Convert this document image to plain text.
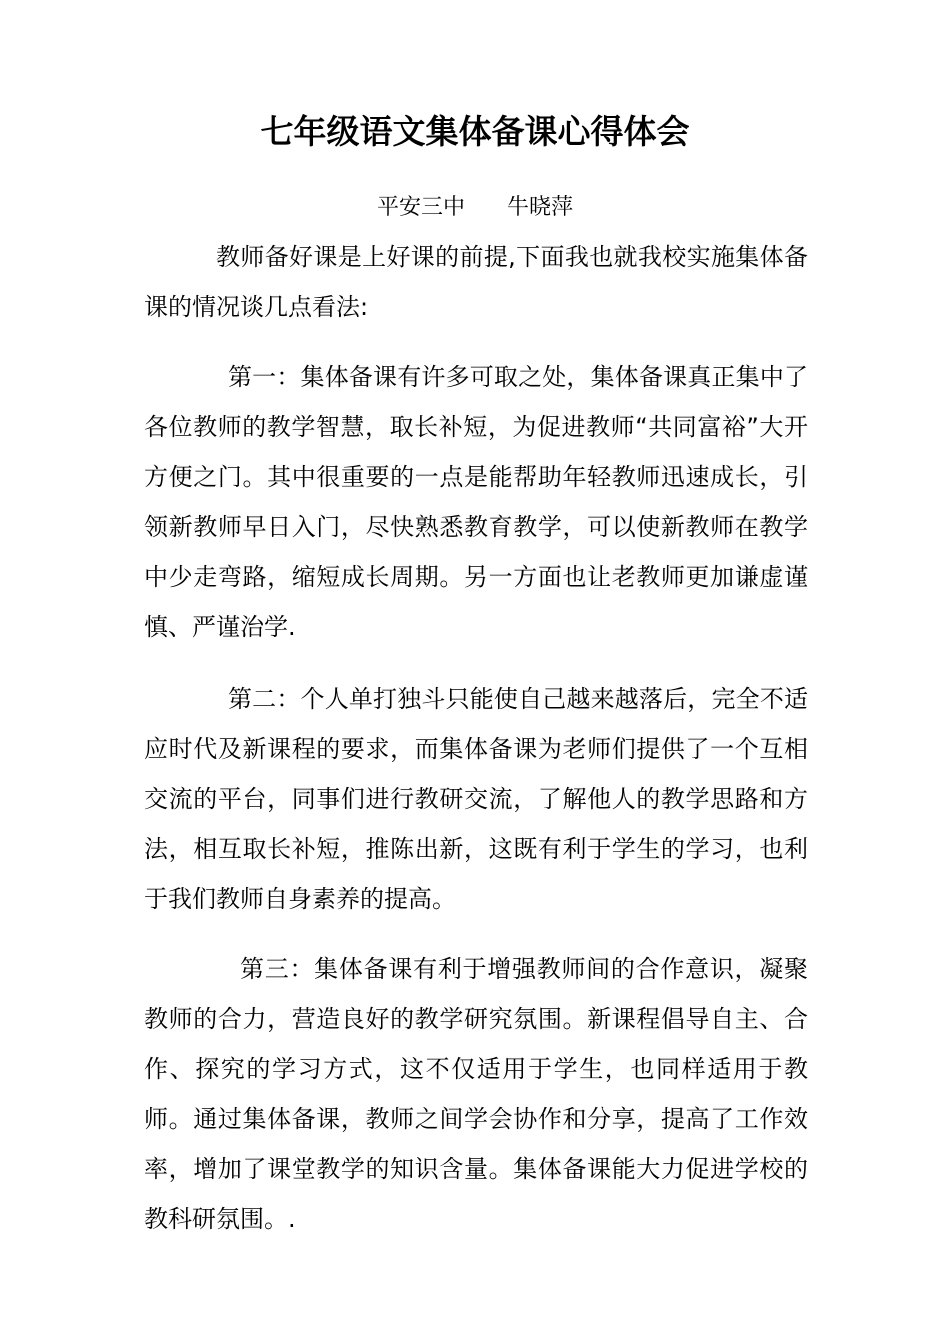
七年级语文集体备课心得体会
平安三中      牛晓萍

教师备好课是上好课的前提,下面我也就我校实施集体备课的情况谈几点看法:

第一：集体备课有许多可取之处，集体备课真正集中了各位教师的教学智慧，取长补短，为促进教师“共同富裕”大开方便之门。其中很重要的一点是能帮助年轻教师迅速成长，引领新教师早日入门，尽快熟悉教育教学，可以使新教师在教学中少走弯路，缩短成长周期。另一方面也让老教师更加谦虚谨慎、严谨治学.

第二：个人单打独斗只能使自己越来越落后，完全不适应时代及新课程的要求，而集体备课为老师们提供了一个互相交流的平台，同事们进行教研交流，了解他人的教学思路和方法，相互取长补短，推陈出新，这既有利于学生的学习，也利于我们教师自身素养的提高。

第三：集体备课有利于增强教师间的合作意识，凝聚教师的合力，营造良好的教学研究氛围。新课程倡导自主、合作、探究的学习方式，这不仅适用于学生，也同样适用于教师。通过集体备课，教师之间学会协作和分享，提高了工作效率，增加了课堂教学的知识含量。集体备课能大力促进学校的教科研氛围。.
